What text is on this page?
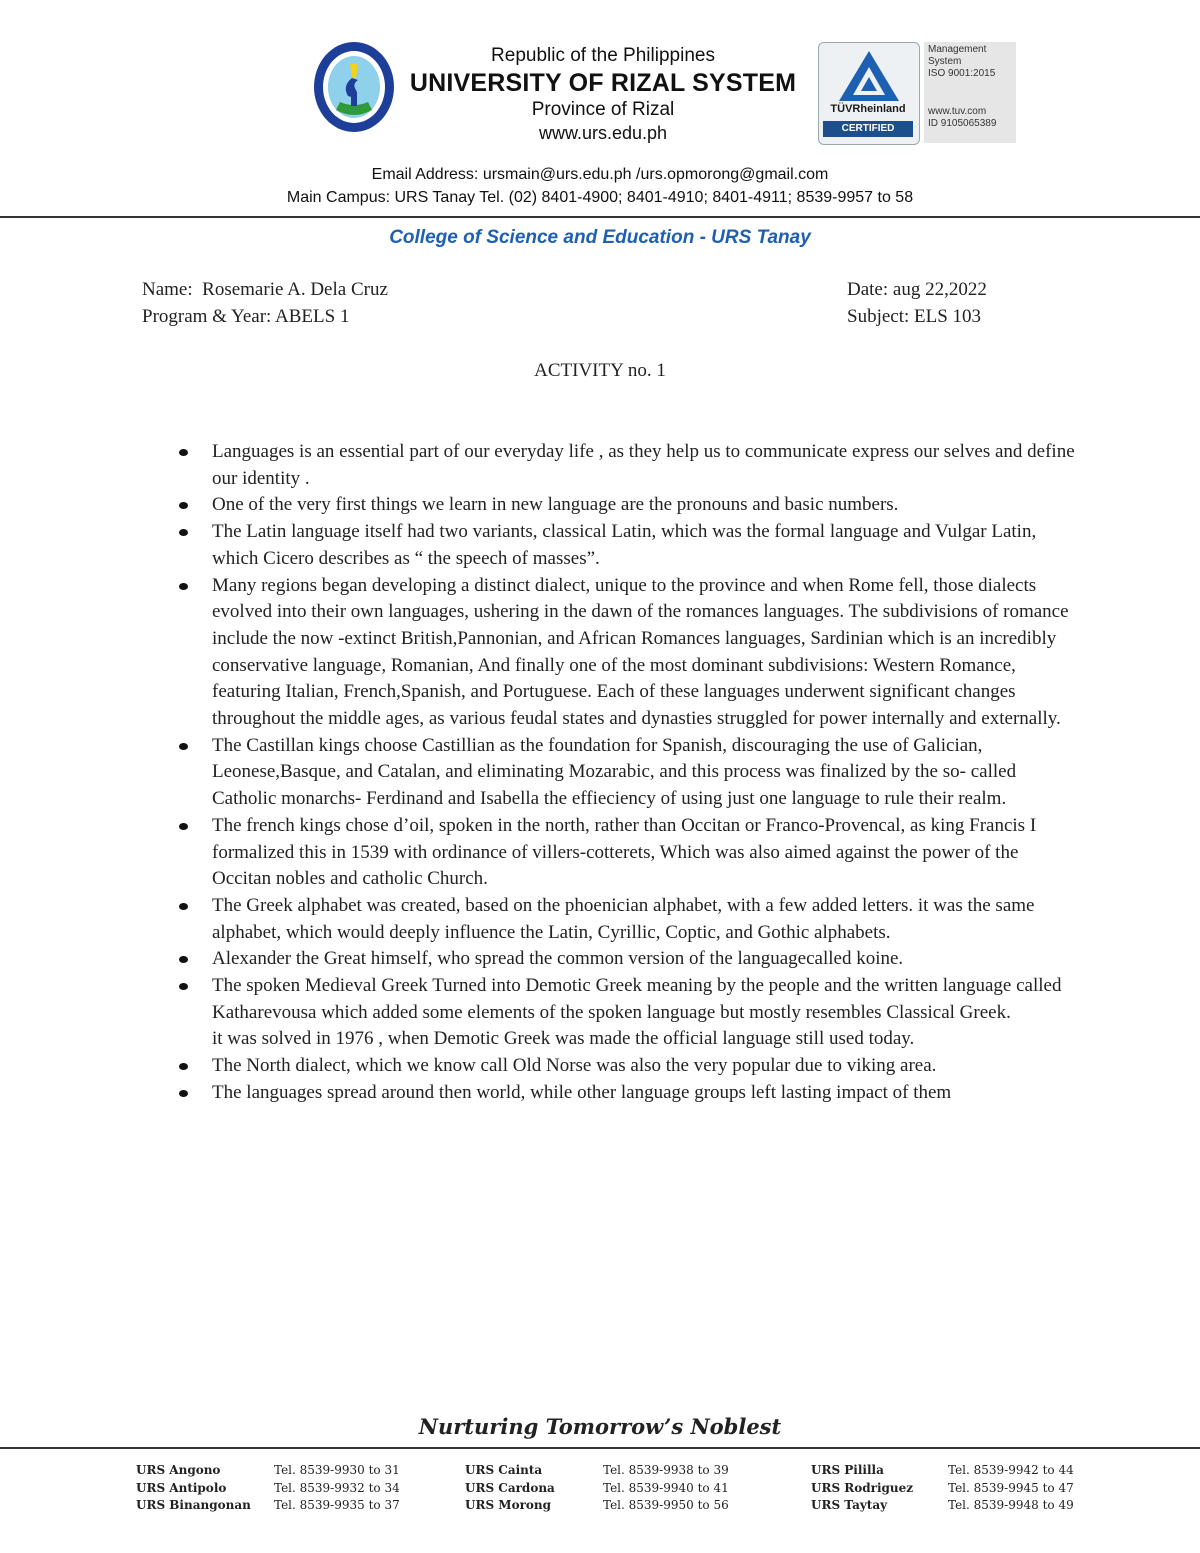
Republic of the Philippines
UNIVERSITY OF RIZAL SYSTEM
Province of Rizal
www.urs.edu.ph
TÜVRheinland
CERTIFIED
Management System
ISO 9001:2015
www.tuv.com
ID 9105065389
Email Address: ursmain@urs.edu.ph /urs.opmorong@gmail.com
Main Campus: URS Tanay Tel. (02) 8401-4900; 8401-4910; 8401-4911; 8539-9957 to 58
College of Science and Education - URS Tanay
Name: Rosemarie A. Dela Cruz
Program & Year: ABELS 1
Date: aug 22,2022
Subject: ELS 103
ACTIVITY no. 1
Languages is an essential part of our everyday life , as they help us to communicate express our selves and define our identity .
One of the very first things we learn in new language are the pronouns and basic numbers.
The Latin language itself had two variants, classical Latin, which was the formal language and Vulgar Latin, which Cicero describes as “ the speech of masses”.
Many regions began developing a distinct dialect, unique to the province and when Rome fell, those dialects evolved into their own languages, ushering in the dawn of the romances languages. The subdivisions of romance include the now -extinct British,Pannonian, and African Romances languages, Sardinian which is an incredibly conservative language, Romanian, And finally one of the most dominant subdivisions: Western Romance, featuring Italian, French,Spanish, and Portuguese. Each of these languages underwent significant changes throughout the middle ages, as various feudal states and dynasties struggled for power internally and externally.
The Castillan kings choose Castillian as the foundation for Spanish, discouraging the use of Galician, Leonese,Basque, and Catalan, and eliminating Mozarabic, and this process was finalized by the so- called Catholic monarchs- Ferdinand and Isabella the effieciency of using just one language to rule their realm.
The french kings chose d’oil, spoken in the north, rather than Occitan or Franco-Provencal, as king Francis I formalized this in 1539 with ordinance of villers-cotterets, Which was also aimed against the power of the Occitan nobles and catholic Church.
The Greek alphabet was created, based on the phoenician alphabet, with a few added letters. it was the same alphabet, which would deeply influence the Latin, Cyrillic, Coptic, and Gothic alphabets.
Alexander the Great himself, who spread the common version of the languagecalled koine.
The spoken Medieval Greek Turned into Demotic Greek meaning by the people and the written language called Katharevousa which added some elements of the spoken language but mostly resembles Classical Greek.
it was solved in 1976 , when Demotic Greek was made the official language still used today.
The North dialect, which we know call Old Norse was also the very popular due to viking area.
The languages spread around then world, while other language groups left lasting impact of them
Nurturing Tomorrow’s Noblest
URS Angono
URS Antipolo
URS Binangonan
Tel. 8539-9930 to 31
Tel. 8539-9932 to 34
Tel. 8539-9935 to 37
URS Cainta
URS Cardona
URS Morong
Tel. 8539-9938 to 39
Tel. 8539-9940 to 41
Tel. 8539-9950 to 56
URS Pililla
URS Rodriguez
URS Taytay
Tel. 8539-9942 to 44
Tel. 8539-9945 to 47
Tel. 8539-9948 to 49
